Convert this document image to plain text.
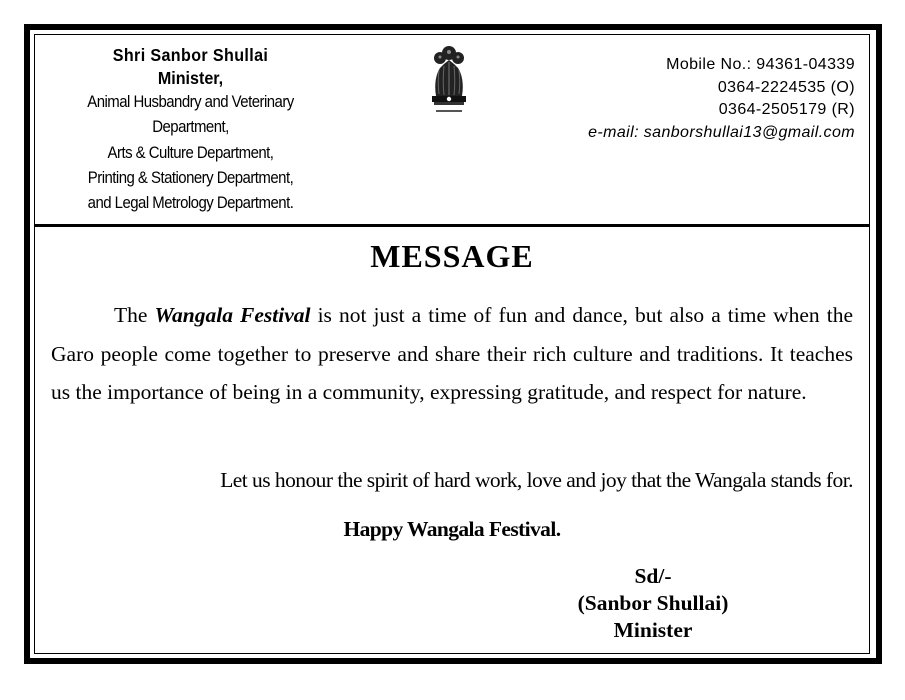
Shri Sanbor Shullai
Minister,
Animal Husbandry and Veterinary
Department,
Arts & Culture Department,
Printing & Stationery Department,
and Legal Metrology Department.
Mobile No.: 94361-04339
0364-2224535 (O)
0364-2505179 (R)
e-mail: sanborshullai13@gmail.com
MESSAGE

The Wangala Festival is not just a time of fun and dance, but also a time when the Garo people come together to preserve and share their rich culture and traditions. It teaches us the importance of being in a community, expressing gratitude, and respect for nature.

Let us honour the spirit of hard work, love and joy that the Wangala stands for.
Happy Wangala Festival.
Sd/-
(Sanbor Shullai)
Minister
